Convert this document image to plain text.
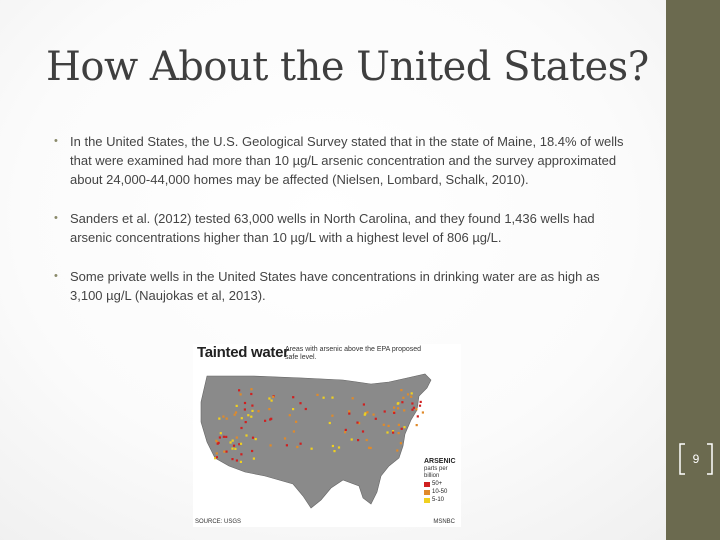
How About the United States?
• In the United States, the U.S. Geological Survey stated that in the state of Maine, 18.4% of wells that were examined had more than 10 µg/L arsenic concentration and the survey approximated about 24,000-44,000 homes may be affected (Nielsen, Lombard, Schalk, 2010).
• Sanders et al. (2012) tested 63,000 wells in North Carolina, and they found 1,436 wells had arsenic concentrations higher than 10 µg/L with a highest level of 806 µg/L.
• Some private wells in the United States have concentrations in drinking water are as high as 3,100 µg/L (Naujokas et al, 2013).
Tainted water
Areas with arsenic above the EPA proposed safe level.
ARSENIC
parts per billion
50+
10-50
5-10
SOURCE: USGS	MSNBC
9
